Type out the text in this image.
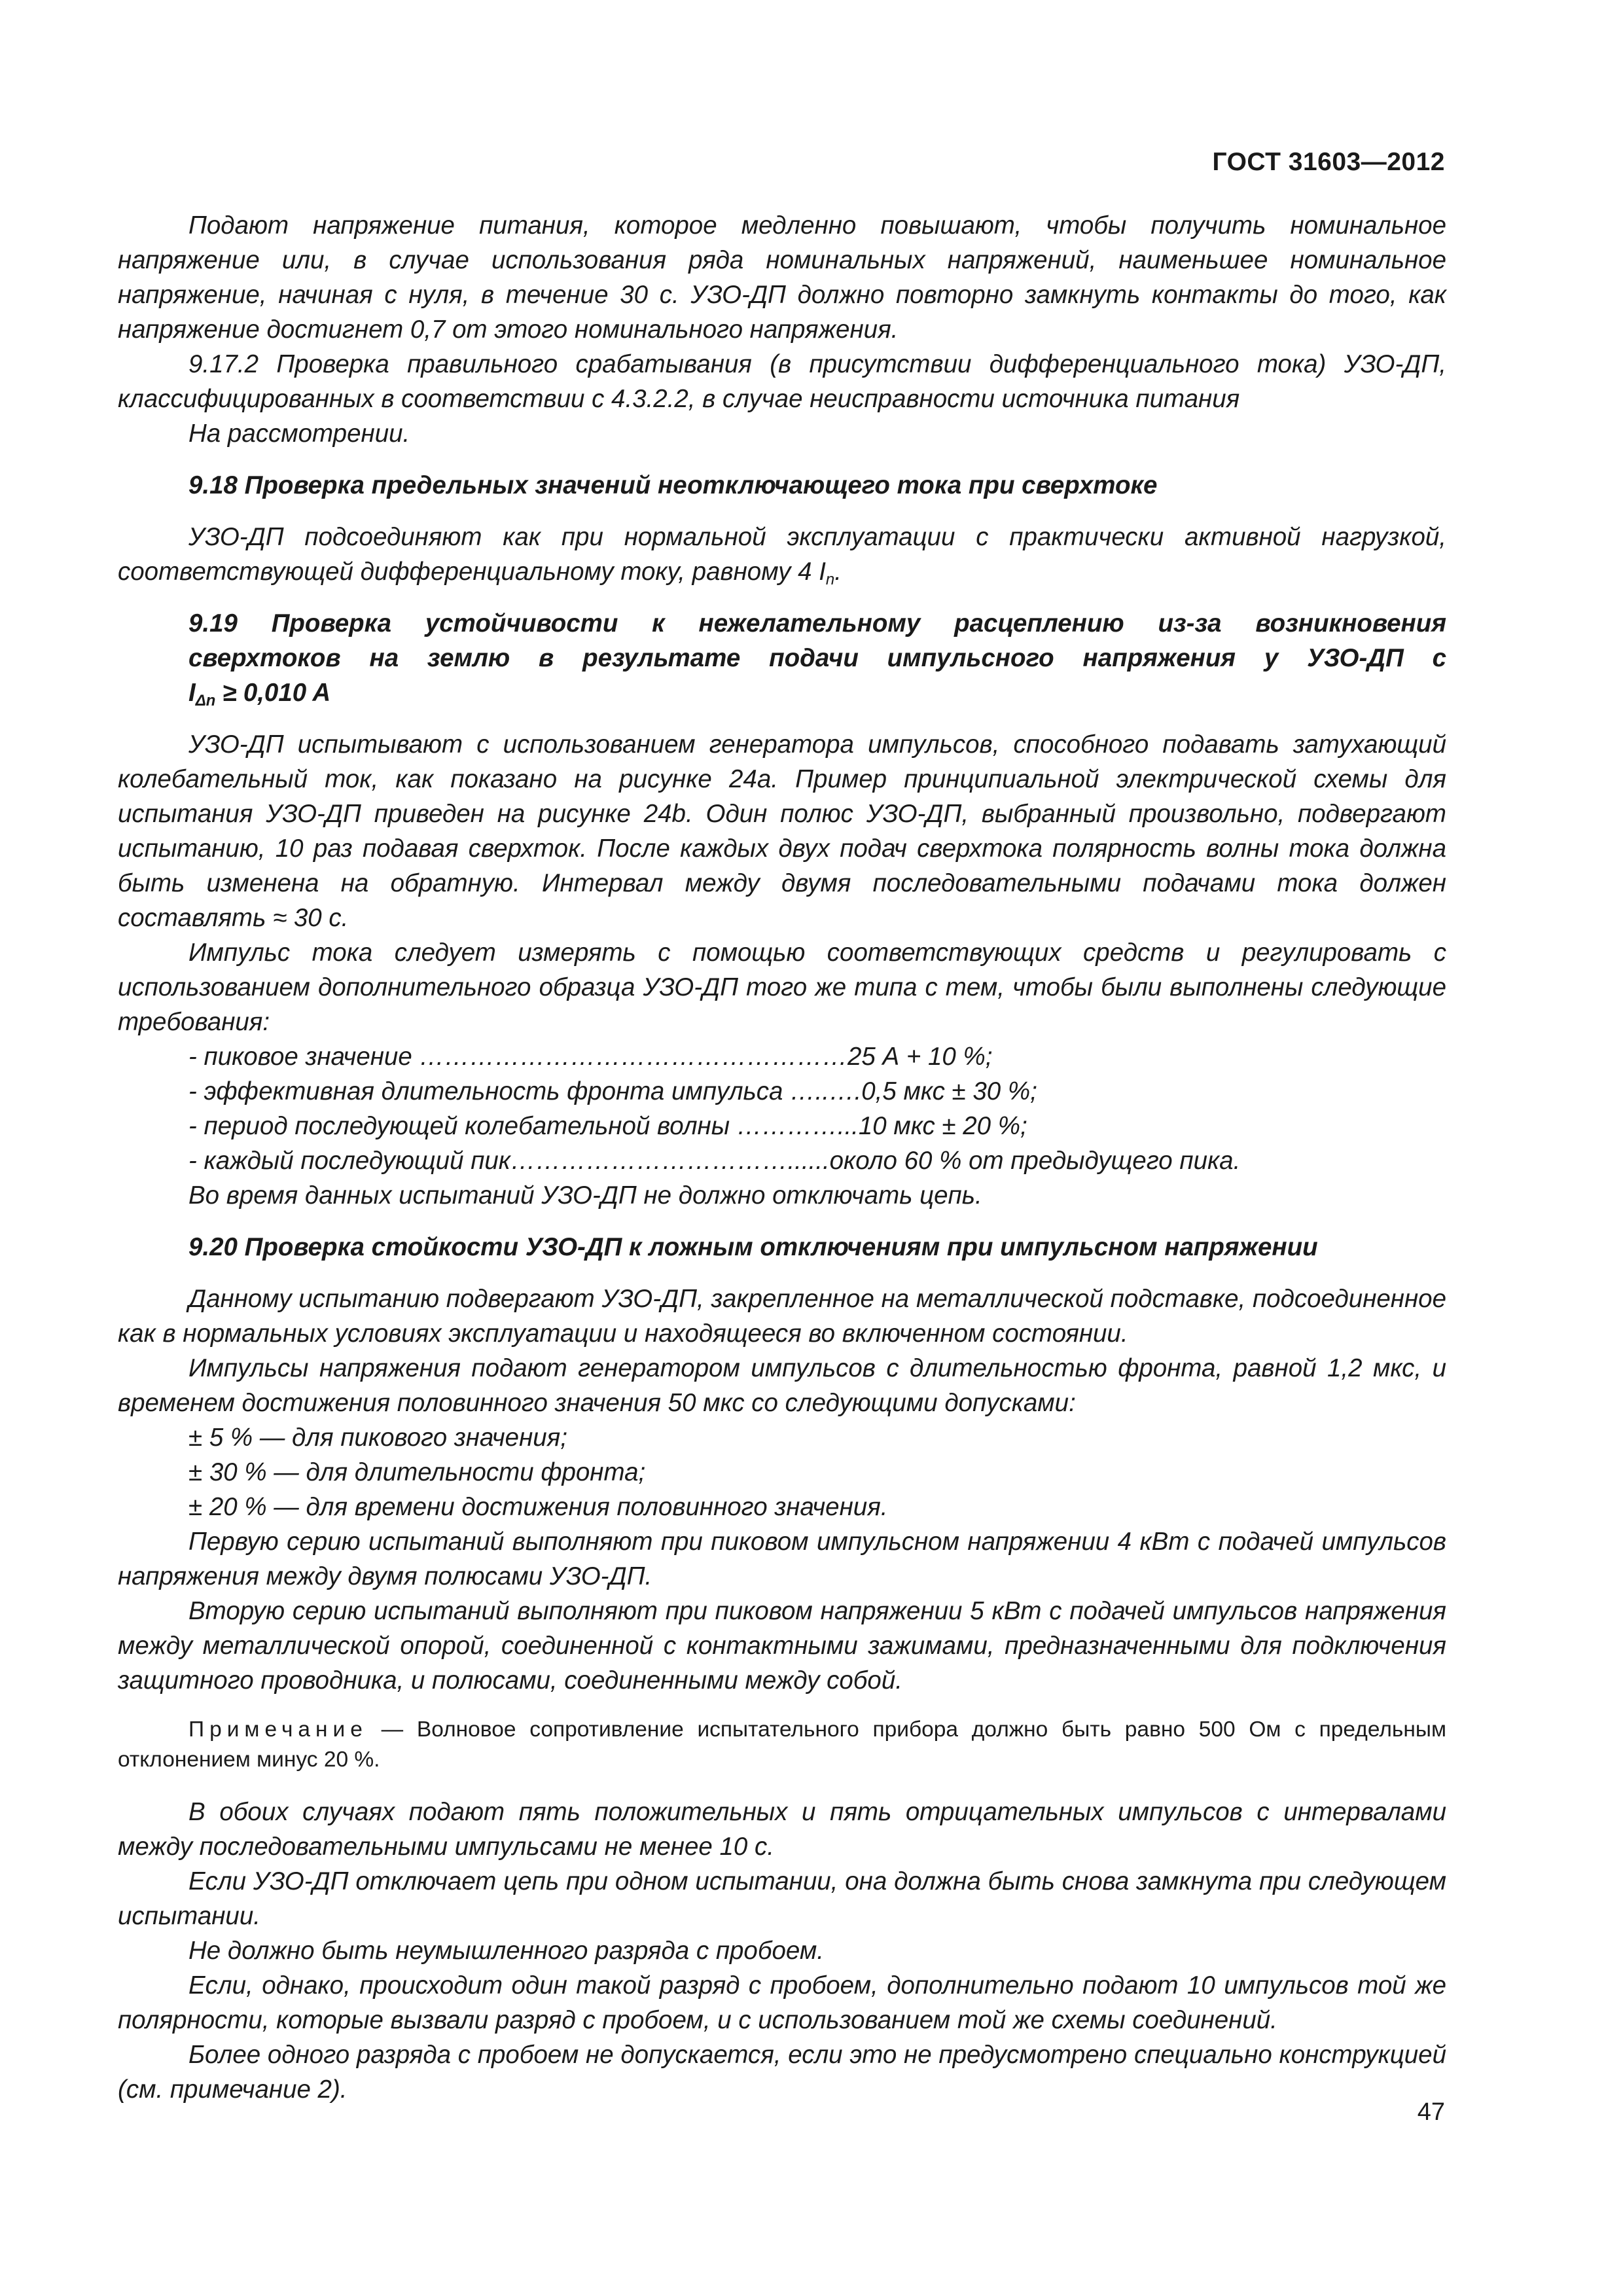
ГОСТ 31603—2012

Подают напряжение питания, которое медленно повышают, чтобы получить номинальное напряжение или, в случае использования ряда номинальных напряжений, наименьшее номинальное напряжение, начиная с нуля, в течение 30 с. УЗО-ДП должно повторно замкнуть контакты до того, как напряжение достигнет 0,7 от этого номинального напряжения.

9.17.2 Проверка правильного срабатывания (в присутствии дифференциального тока) УЗО-ДП, классифицированных в соответствии с 4.3.2.2, в случае неисправности источника питания

На рассмотрении.

9.18 Проверка предельных значений неотключающего тока при сверхтоке

УЗО-ДП подсоединяют как при нормальной эксплуатации с практически активной нагрузкой, соответствующей дифференциальному току, равному 4 $I_n$.

9.19 Проверка устойчивости к нежелательному расцеплению из-за возникновения

сверхтоков на землю в результате подачи импульсного напряжения у УЗО-ДП с

$I_{\Delta n} \ge 0,010$ A

УЗО-ДП испытывают с использованием генератора импульсов, способного подавать затухающий колебательный ток, как показано на рисунке 24а. Пример принципиальной электрической схемы для испытания УЗО-ДП приведен на рисунке 24b. Один полюс УЗО-ДП, выбранный произвольно, подвергают испытанию, 10 раз подавая сверхток. После каждых двух подач сверхтока полярность волны тока должна быть изменена на обратную. Интервал между двумя последовательными подачами тока должен составлять ≈ 30 с.

Импульс тока следует измерять с помощью соответствующих средств и регулировать с использованием дополнительного образца УЗО-ДП того же типа с тем, чтобы были выполнены следующие требования:

- пиковое значение ……………………………………………25 А + 10 %;

- эффективная длительность фронта импульса …..….0,5 мкс ± 30 %;

- период последующей колебательной волны …………...10 мкс ± 20 %;

- каждый последующий пик……………………………......около 60 % от предыдущего пика.

Во время данных испытаний УЗО-ДП не должно отключать цепь.

9.20 Проверка стойкости УЗО-ДП к ложным отключениям при импульсном напряжении

Данному испытанию подвергают УЗО-ДП, закрепленное на металлической подставке, подсоединенное как в нормальных условиях эксплуатации и находящееся во включенном состоянии.

Импульсы напряжения подают генератором импульсов с длительностью фронта, равной 1,2 мкс, и временем достижения половинного значения 50 мкс со следующими допусками:

± 5 % — для пикового значения;

± 30 % — для длительности фронта;

± 20 % — для времени достижения половинного значения.

Первую серию испытаний выполняют при пиковом импульсном напряжении 4 кВт с подачей импульсов напряжения между двумя полюсами УЗО-ДП.

Вторую серию испытаний выполняют при пиковом напряжении 5 кВт с подачей импульсов напряжения между металлической опорой, соединенной с контактными зажимами, предназначенными для подключения защитного проводника, и полюсами, соединенными между собой.

Примечание — Волновое сопротивление испытательного прибора должно быть равно 500 Ом с предельным отклонением минус 20 %.

В обоих случаях подают пять положительных и пять отрицательных импульсов с интервалами между последовательными импульсами не менее 10 с.

Если УЗО-ДП отключает цепь при одном испытании, она должна быть снова замкнута при следующем испытании.

Не должно быть неумышленного разряда с пробоем.

Если, однако, происходит один такой разряд с пробоем, дополнительно подают 10 импульсов той же полярности, которые вызвали разряд с пробоем, и с использованием той же схемы соединений.

Более одного разряда с пробоем не допускается, если это не предусмотрено специально конструкцией (см. примечание 2).

47
